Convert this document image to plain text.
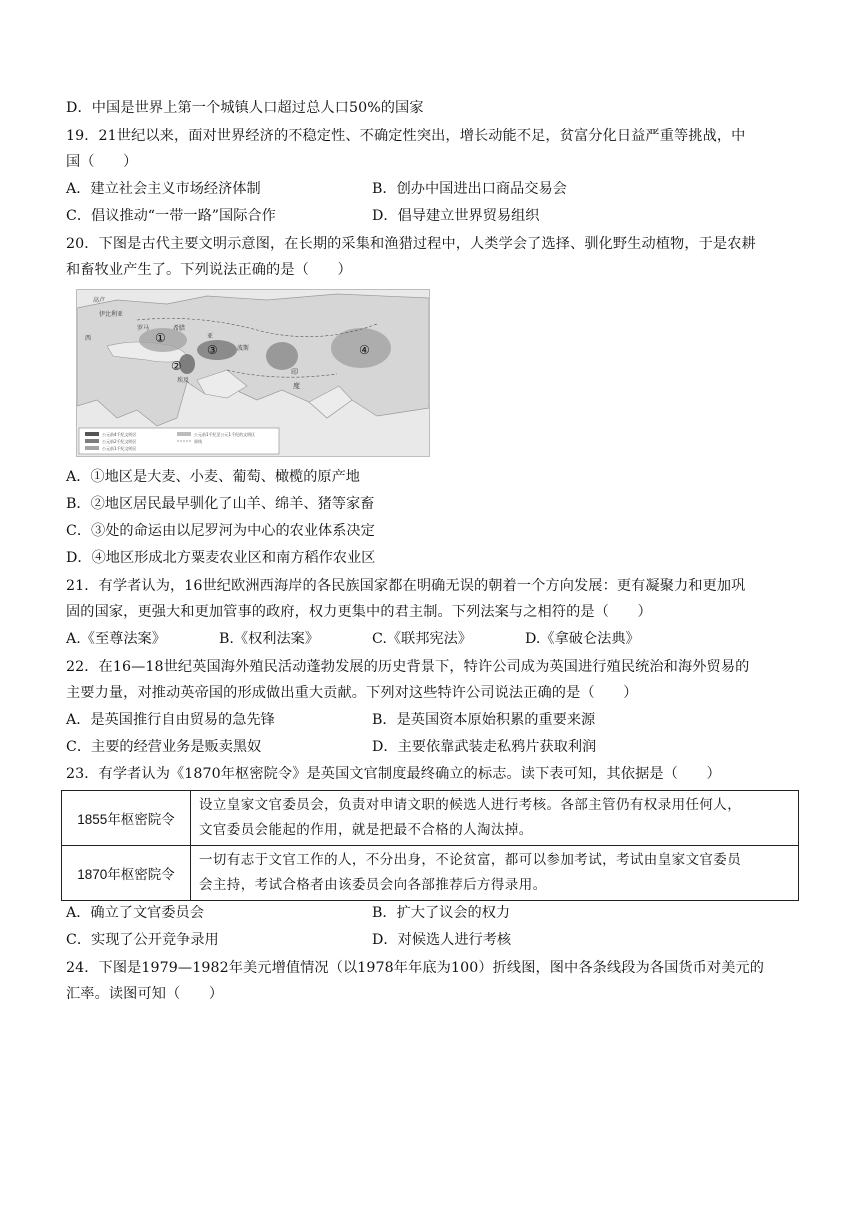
D．中国是世界上第一个城镇人口超过总人口50%的国家
19．21世纪以来，面对世界经济的不稳定性、不确定性突出，增长动能不足，贫富分化日益严重等挑战，中
国（　　）
A．建立社会主义市场经济体制	B．创办中国进出口商品交易会
C．倡议推动“一带一路”国际合作	D．倡导建立世界贸易组织
20．下图是古代主要文明示意图，在长期的采集和渔猎过程中，人类学会了选择、驯化野生动植物，于是农耕
和畜牧业产生了。下列说法正确的是（　　）
高卢
伊比利亚
罗马	希腊
波斯
埃及
印
度
西	亚
①
②
③	④
公元前4千纪文明区
公元前2千纪文明区
公元前1千纪文明区
公元前1千纪至公元1千纪的文明区
界线
A．①地区是大麦、小麦、葡萄、橄榄的原产地
B．②地区居民最早驯化了山羊、绵羊、猪等家畜
C．③处的命运由以尼罗河为中心的农业体系决定
D．④地区形成北方粟麦农业区和南方稻作农业区
21．有学者认为，16世纪欧洲西海岸的各民族国家都在明确无误的朝着一个方向发展：更有凝聚力和更加巩
固的国家，更强大和更加管事的政府，权力更集中的君主制。下列法案与之相符的是（　　）
A.《至尊法案》	B.《权利法案》	C.《联邦宪法》	D.《拿破仑法典》
22．在16—18世纪英国海外殖民活动蓬勃发展的历史背景下，特许公司成为英国进行殖民统治和海外贸易的
主要力量，对推动英帝国的形成做出重大贡献。下列对这些特许公司说法正确的是（　　）
A．是英国推行自由贸易的急先锋	B．是英国资本原始积累的重要来源
C．主要的经营业务是贩卖黑奴	D．主要依靠武装走私鸦片获取利润
23．有学者认为《1870年枢密院令》是英国文官制度最终确立的标志。读下表可知，其依据是（　　）
1855年枢密院令	设立皇家文官委员会，负责对申请文职的候选人进行考核。各部主管仍有权录用任何人，
文官委员会能起的作用，就是把最不合格的人淘汰掉。

1870年枢密院令	一切有志于文官工作的人，不分出身，不论贫富，都可以参加考试，考试由皇家文官委员
会主持，考试合格者由该委员会向各部推荐后方得录用。
A．确立了文官委员会	B．扩大了议会的权力
C．实现了公开竞争录用	D．对候选人进行考核
24．下图是1979—1982年美元增值情况（以1978年年底为100）折线图，图中各条线段为各国货币对美元的
汇率。读图可知（　　）
